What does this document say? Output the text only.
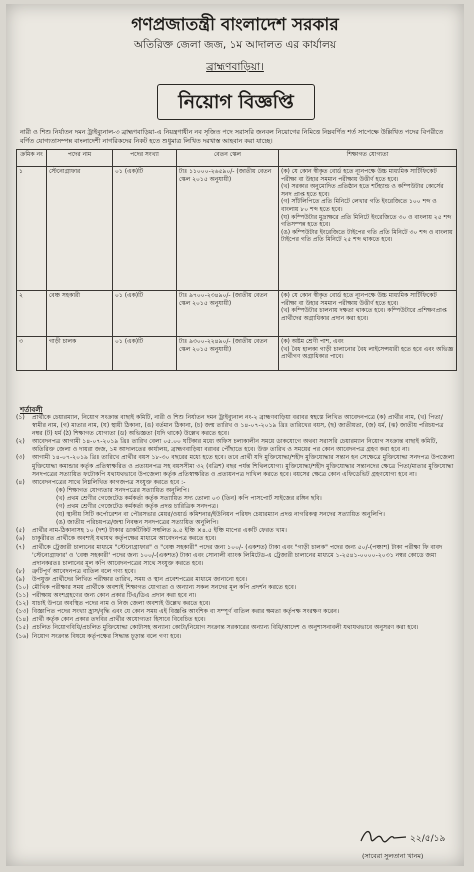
গণপ্রজাতন্ত্রী বাংলাদেশ সরকার
অতিরিক্ত জেলা জজ, ১ম আদালত এর কার্যালয়
ব্রাহ্মণবাড়িয়া।
নিয়োগ বিজ্ঞপ্তি
নারী ও শিশু নির্যাতন দমন ট্রাইব্যুনাল-৩ ব্রাহ্মণবাড়িয়া-এ নিয়ন্ত্রণাধীন নব সৃজিত পদে সরাসরি জনবল নিয়োগের নিমিত্তে নিম্নবর্ণিত শর্ত সাপেক্ষে উল্লিখিত পদের বিপরীতে বর্ণিত যোগ্যতাসম্পন্ন বাংলাদেশী নাগরিকদের নিকট হতে শুধুমাত্র লিখিত দরখাস্ত আহবান করা যাচ্ছে।
ক্রমিক নং	পদের নাম	পদের সংখ্যা	বেতন স্কেল	শিক্ষাগত যোগ্যতা
১	স্টেনোগ্রাফার	০১ (এক)টি	টাঃ ১১০০০-২৬৫৯০/- (জাতীয় বেতন স্কেল ২০১৫ অনুযায়ী)	(ক) যে কোন স্বীকৃত বোর্ড হতে ন্যূনপক্ষে উচ্চ মাধ্যমিক সার্টিফিকেট পরীক্ষা বা উহার সমমান পরীক্ষায় উত্তীর্ণ হতে হবে।
(খ) সরকার অনুমোদিত প্রতিষ্ঠান হতে শর্টহ্যান্ড ও কম্পিউটার কোর্সের সনদ প্রাপ্ত হতে হবে।
(গ) সাঁটলিপিতে প্রতি মিনিটে লেখার গতি ইংরেজিতে ১০০ শব্দ ও বাংলায় ৮০ শব্দ হতে হবে।
(ঘ) কম্পিউটার মুদ্রাক্ষরে প্রতি মিনিটে ইংরেজিতে ৩০ ও বাংলায় ২৫ শব্দ গতিসম্পন্ন হতে হবে।
(ঙ) কম্পিউটার ইংরেজিতে টাইপের গতি প্রতি মিনিটে ৩০ শব্দ ও বাংলায় টাইপের গতি প্রতি মিনিটে ২৫ শব্দ থাকতে হবে।

২	বেঞ্চ সহকারী	০১ (এক)টি	টাঃ ৯৭০০-২৩৪৯০/- (জাতীয় বেতন স্কেল ২০১৫ অনুযায়ী)	(ক) যে কোন স্বীকৃত বোর্ড হতে ন্যূনপক্ষে উচ্চ মাধ্যমিক সার্টিফিকেট পরীক্ষা বা উহার সমমান পরীক্ষায় উত্তীর্ণ হতে হবে।
(খ) কম্পিউটার চালনায় দক্ষতা থাকতে হবে। কম্পিউটারে প্রশিক্ষণপ্রাপ্ত প্রার্থীদের অগ্রাধিকার প্রদান করা হবে।

৩	গাড়ী চালক	০১ (এক)টি	টাঃ ৯৩০০-২২৪৯০/- (জাতীয় বেতন স্কেল ২০১৫ অনুযায়ী)	(ক) অষ্টম শ্রেণী পাশ, এবং
(খ) বৈধ হালকা গাড়ী চালানোর বৈধ লাইসেন্সধারী হতে হবে এবং অভিজ্ঞ প্রার্থীগণ অগ্রাধিকার পাবে।
শর্তাবলী
(১)	প্রার্থীকে চেয়ারম্যান, নিয়োগ সংক্রান্ত বাছাই কমিটি, নারী ও শিশু নির্যাতন দমন ট্রাইব্যুনাল নং-২ ব্রাহ্মণবাড়িয়া বরাবর স্বহস্তে লিখিত আবেদনপত্রে (ক) প্রার্থীর নাম, (খ) পিতা/স্বামীর নাম, (গ) মাতার নাম, (ঘ) স্থায়ী ঠিকানা, (ঙ) বর্তমান ঠিকানা, (চ) জন্ম তারিখ ও ১৪-০৭-২০১৯ খ্রিঃ তারিখের বয়স, (ছ) জাতীয়তা, (জ) ধর্ম, (ঝ) জাতীয় পরিচয়পত্র নম্বর (ট) ধর্ম (ঠ) শিক্ষাগত যোগ্যতা (ড) অভিজ্ঞতা (যদি থাকে) উল্লেখ করতে হবে।
(২)	আবেদনপত্র আগামী ১৪-০৭-২০১৯ খ্রিঃ তারিখ বেলা ০৫.০০ ঘটিকার মধ্যে অফিস চলাকালীন সময়ে ডাকযোগে অথবা সরাসরি চেয়ারম্যান নিয়োগ সংক্রান্ত বাছাই কমিটি, অতিরিক্ত জেলা ও দায়রা জজ, ১ম আদালতের কার্যালয়, ব্রাহ্মণবাড়িয়া বরাবর পৌঁছাতে হবে। উক্ত তারিখ ও সময়ের পর কোন আবেদনপত্র গ্রহণ করা হবে না।
(৩)	আগামী ১৪-০৭-২০১৯ খ্রিঃ তারিখে প্রার্থীর বয়স ১৮-৩০ বছরের মধ্যে হতে হবে। তবে প্রার্থী যদি মুক্তিযোদ্ধা/শহীদ মুক্তিযোদ্ধার সন্তান হন সেক্ষেত্রে মুক্তিযোদ্ধা সনদপত্র উপজেলা মুক্তিযোদ্ধা কমান্ডার কর্তৃক প্রতিস্বাক্ষরিত ও প্রত্যয়নপত্র সহ বয়সসীমা ৩২ (বত্রিশ) বছর পর্যন্ত শিথিলযোগ্য। মুক্তিযোদ্ধা/শহীদ মুক্তিযোদ্ধার সন্তানদের ক্ষেত্রে পিতা/মাতার মুক্তিযোদ্ধা সনদপত্রের সত্যায়িত ফটোকপি যথাযথভাবে উপজেলা কর্তৃক প্রতিস্বাক্ষরিত ও প্রত্যয়নপত্র দাখিল করতে হবে। বয়সের ক্ষেত্রে কোন এফিডেভিট গ্রহণযোগ্য হবে না।
(৪)	আবেদনপত্রের সাথে নিম্নলিখিত কাগজপত্র সংযুক্ত করতে হবে :-
(ক) শিক্ষাগত যোগ্যতার সনদপত্রের সত্যায়িত অনুলিপি।
(খ) প্রথম শ্রেণীর গেজেটেড কর্মকর্তা কর্তৃক সত্যায়িত সদ্য তোলা ০৩ (তিন) কপি পাসপোর্ট সাইজের রঙ্গিন ছবি।
(গ) প্রথম শ্রেণীর গেজেটেড কর্মকর্তা কর্তৃক প্রদত্ত চারিত্রিক সনদপত্র।
(ঘ) স্থানীয় সিটি কর্পোরেশন বা পৌরসভার মেয়র/ওয়ার্ড কমিশনার/ইউনিয়ন পরিষদ চেয়ারম্যান প্রদত্ত নাগরিকত্ব সনদের সত্যায়িত অনুলিপি।
(ঙ) জাতীয় পরিচয়পত্র/জন্ম নিবন্ধন সনদপত্রের সত্যায়িত অনুলিপি।
(৫)	প্রার্থীর নাম-ঠিকানাসহ ১০ (দশ) টাকার ডাকটিকিট সম্বলিত ৯.৫ ইঞ্চি ×৪.৫ ইঞ্চি মাপের একটি ফেরত খাম।
(৬)	চাকুরীরত প্রার্থীকে অবশ্যই যথাযথ কর্তৃপক্ষের মাধ্যমে আবেদনপত্র করতে হবে।
(৭)	প্রার্থীকে ট্রেজারী চালানের মাধ্যমে "স্টেনোগ্রাফার" ও "বেঞ্চ সহকারী" পদের জন্য ১০০/- (একশত) টাকা এবং "গাড়ী চালক" পদের জন্য ৫০/-(পঞ্চাশ) টাকা পরীক্ষা ফি বাবদ 'স্টেনোগ্রাফার' ও 'বেঞ্চ সহকারী' পদের জন্য ১০০/-(একশত) টাকা এবং সোনালী ব্যাংক লিমিটেড-এ ট্রেজারী চালানের মাধ্যমে ১-২৫৪১-০০০০-২০৩১ নম্বর কোডে জমা প্রদানকরতঃ চালানের মূল কপি আবেদনপত্রের সাথে সংযুক্ত করতে হবে।
(৮)	ত্রুটিপূর্ণ আবেদনপত্র বাতিল বলে গণ্য হবে।
(৯)	উপযুক্ত প্রার্থীদের লিখিত পরীক্ষার তারিখ, সময় ও স্থান প্রবেশপত্রের মাধ্যমে জানানো হবে।
(১০) মৌখিক পরীক্ষার সময় প্রার্থীকে অবশ্যই শিক্ষাগত যোগ্যতা ও অন্যান্য সকল সনদের মূল কপি প্রদর্শন করতে হবে।
(১১) পরীক্ষায় অংশগ্রহণের জন্য কোন প্রকার টিএ/ডিএ প্রদান করা হবে না।
(১২) যাচাই উপরে অবস্থিত পদের নাম ও নিজ জেলা অবশ্যই উল্লেখ করতে হবে।
(১৩) বিজ্ঞাপিত পদের সংখ্যা হ্রাস/বৃদ্ধি এবং যে কোন সময় এই বিজ্ঞপ্তি আংশিক বা সম্পূর্ণ বাতিল করার ক্ষমতা কর্তৃপক্ষ সংরক্ষণ করেন।
(১৪) প্রার্থী কর্তৃক কোন প্রকার তদবির প্রার্থীর অযোগ্যতা হিসাবে বিবেচিত হবে।
(১৫) প্রচলিত নিয়োগবিধি/প্রচলিত মুক্তিযোদ্ধা কোটাসহ অন্যান্য কোটা/নিয়োগ সংক্রান্ত সরকারের অন্যান্য বিধি/আদেশ ও অনুশাসনাবলী যথাযথভাবে অনুসরণ করা হবে।
(১৬) নিয়োগ সংক্রান্ত বিষয়ে কর্তৃপক্ষের সিদ্ধান্ত চূড়ান্ত বলে গণ্য হবে।
২২/৫/১৯
(সাবেরা সুলতানা খানম)
